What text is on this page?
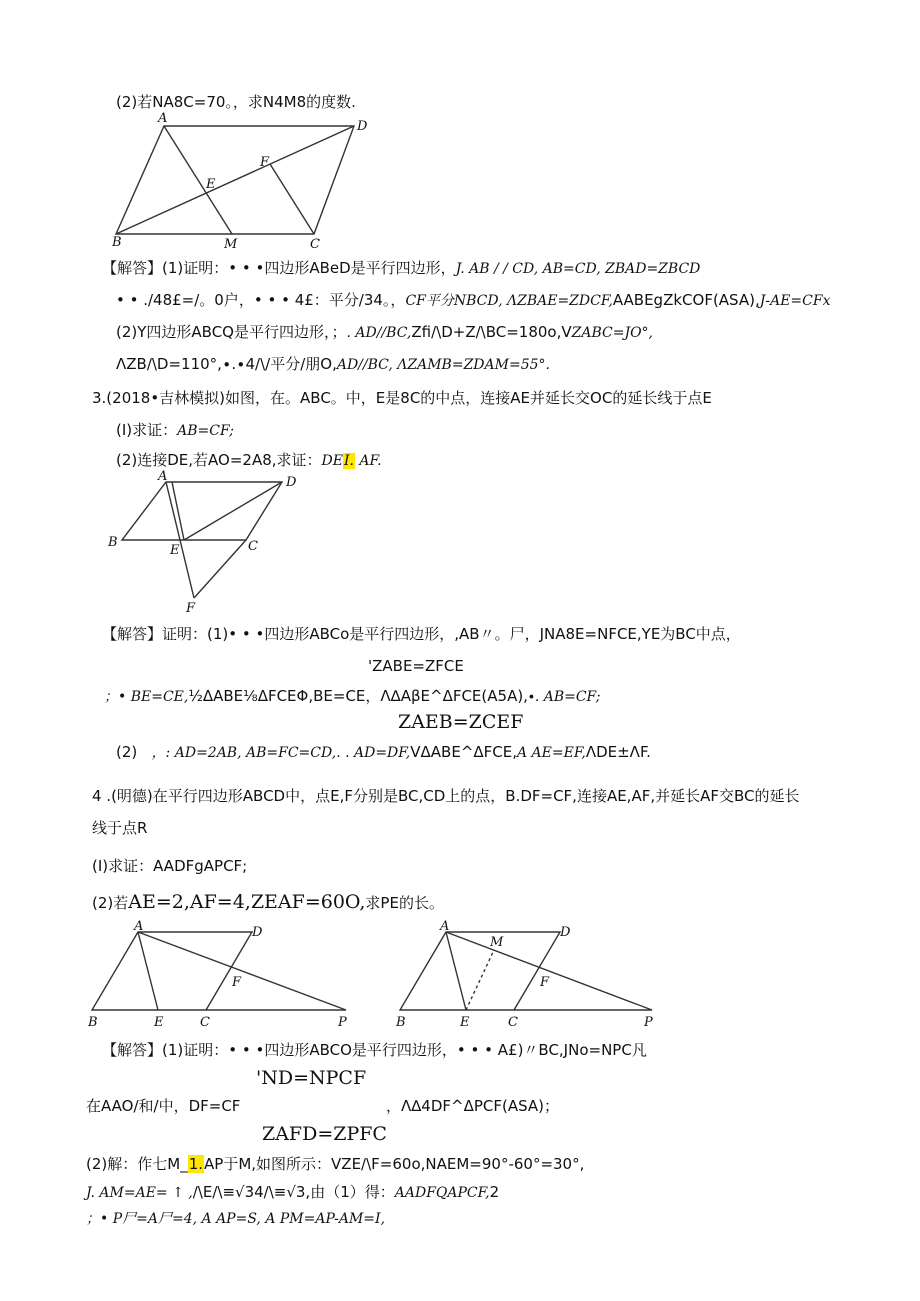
(2)若NA8C=70。，求N4M8的度数.
A
D
F
E
B	M	C
【解答】(1)证明：• • •四边形ABeD是平行四边形，J. AB / / CD, AB=CD, ZBAD=ZBCD
• • ./48£=/。0户，• • • 4£：平分/34。，CF平分NBCD, ΛZBAE=ZDCF,AABEgZkCOF(ASA),J-AE=CFx
(2)Y四边形ABCQ是平行四边形，；. AD//BC,Zfi∕\D+Z∕\BC=180o,VZABC=JO°,
ΛZB∕\D=110°,∙.∙4∕\/平分/朋O,AD//BC, ΛZAMB=ZDAM=55°.
3.(2018•吉林模拟)如图，在。ABC。中，E是8C的中点，连接AE并延长交OC的延长线于点E
(I)求证：AB=CF;
(2)连接DE,若AO=2A8,求证：DEI. AF.
A	D
B
E	C
F
【解答】证明：(1)• • •四边形ABCo是平行四边形，,AB〃。尸，JNA8E=NFCE,YE为BC中点，
'ZABE=ZFCE
；• BE=CE,½ΔABE⅛ΔFCEΦ,BE=CE，Λ∆AβE^ΔFCE(A5A),∙. AB=CF;
ZAEB=ZCEF
(2) ，: AD=2AB, AB=FC=CD,. . AD=DF,VΔABE^ΔFCE,A AE=EF,ΛDE±ΛF.
4 .(明德)在平行四边形ABCD中，点E,F分别是BC,CD上的点，B.DF=CF,连接AE,AF,并延长AF交BC的延长
线于点R
(I)求证：AADFgAPCF;
(2)若AE=2,AF=4,ZEAF=60O,求PE的长。
A	D
F
B	E	C	P
A	D
M
F
B	E	C	P
【解答】(1)证明：• • •四边形ABCO是平行四边形，• • • A£)〃BC,JNo=NPC凡
'ND=NPCF
在AAO/和/中，DF=CF	，Λ∆4DF^ΔPCF(ASA)；
ZAFD=ZPFC
(2)解：作七M_1.AP于M,如图所示：VZE∕\F=60o,NAEM=90°-60°=30°,
J. AM=AE= ↑ ,∕\E∕\≡√34∕\≡√3,由（1）得：AADFQAPCF,2
；• P尸=A尸=4, A AP=S, A PM=AP-AM=I,
